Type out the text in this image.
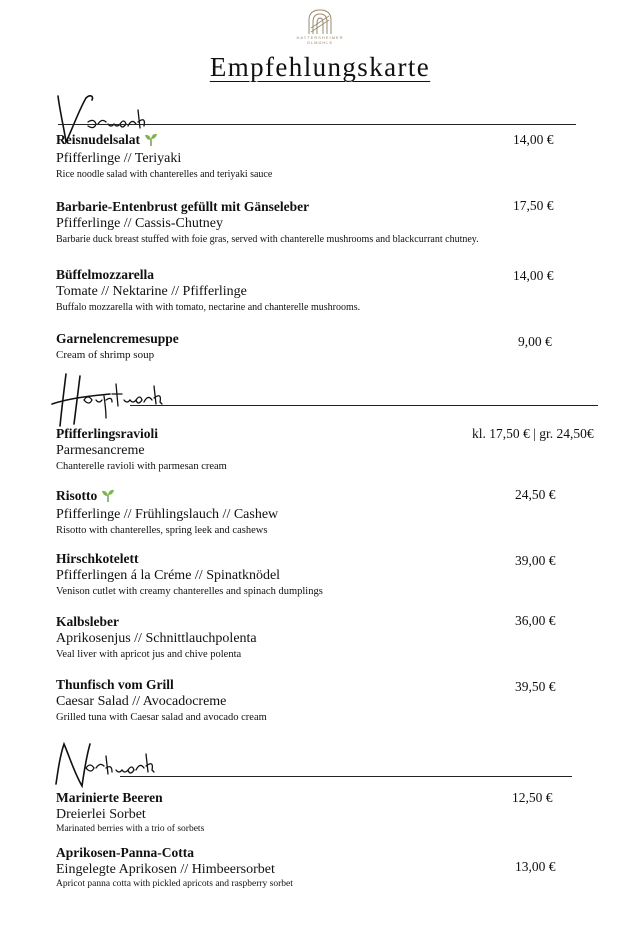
HATTERSHEIMER
ÖLMÜHLE
Empfehlungskarte
Reisnudelsalat
Pfifferlinge // Teriyaki
Rice noodle salad with chanterelles and teriyaki sauce
14,00 €
Barbarie-Entenbrust gefüllt mit Gänseleber
Pfifferlinge // Cassis-Chutney
Barbarie duck breast stuffed with foie gras, served with chanterelle mushrooms and blackcurrant chutney.
17,50 €
Büffelmozzarella
Tomate // Nektarine // Pfifferlinge
Buffalo mozzarella with with tomato, nectarine and chanterelle mushrooms.
14,00 €
Garnelencremesuppe
Cream of shrimp soup
9,00 €
Pfifferlingsravioli
Parmesancreme
Chanterelle ravioli with parmesan cream
kl. 17,50 € | gr. 24,50€
Risotto
Pfifferlinge // Frühlingslauch // Cashew
Risotto with chanterelles, spring leek and cashews
24,50 €
Hirschkotelett
Pfifferlingen á la Créme // Spinatknödel
Venison cutlet with creamy chanterelles and spinach dumplings
39,00 €
Kalbsleber
Aprikosenjus // Schnittlauchpolenta
Veal liver with apricot jus and chive polenta
36,00 €
Thunfisch vom Grill
Caesar Salad // Avocadocreme
Grilled tuna with Caesar salad and avocado cream
39,50 €
Marinierte Beeren
Dreierlei Sorbet
Marinated berries with a trio of sorbets
12,50 €
Aprikosen-Panna-Cotta
Eingelegte Aprikosen // Himbeersorbet
Apricot panna cotta with pickled apricots and raspberry sorbet
13,00 €
